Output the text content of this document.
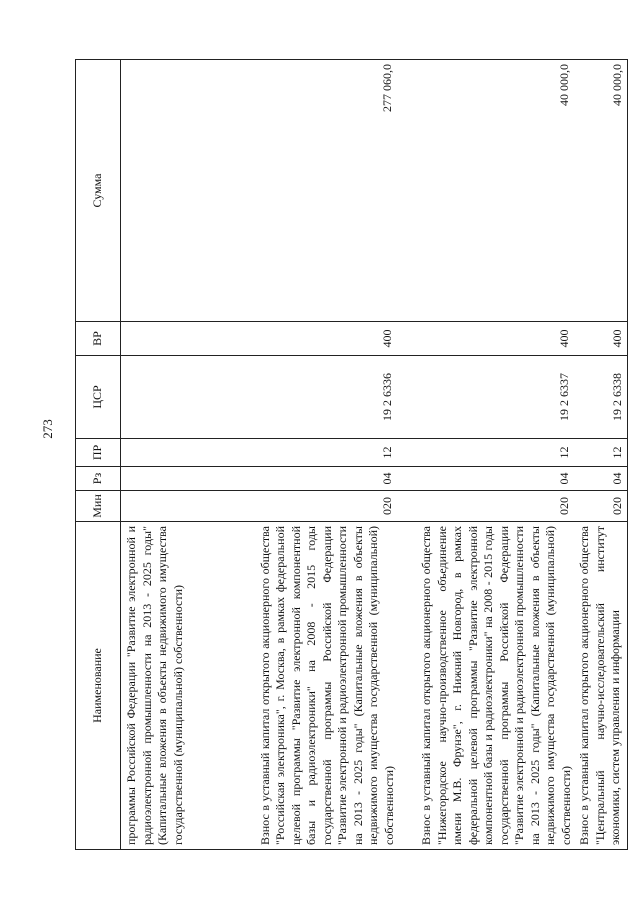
273
Наименование	Мин	Рз	ПР	ЦСР	ВР	Сумма
программы Российской Федерации "Развитие электронной и радиоэлектронной промышленности на 2013 - 2025 годы" (Капитальные вложения в объекты недвижимого имущества государственной (муниципальной) собственности)						
Взнос в уставный капитал открытого акционерного общества "Российская электроника", г. Москва, в рамках федеральной целевой программы "Развитие электронной компонентной базы и радиоэлектроники" на 2008 - 2015 годы государственной программы Российской Федерации "Развитие электронной и радиоэлектронной промышленности на 2013 - 2025 годы" (Капитальные вложения в объекты недвижимого имущества государственной (муниципальной) собственности)	020	04	12	19 2 6336	400	277 060,0
Взнос в уставный капитал открытого акционерного общества "Нижегородское научно-производственное объединение имени М.В. Фрунзе", г. Нижний Новгород, в рамках федеральной целевой программы "Развитие электронной компонентной базы и радиоэлектроники" на 2008 - 2015 годы государственной программы Российской Федерации "Развитие электронной и радиоэлектронной промышленности на 2013 - 2025 годы" (Капитальные вложения в объекты недвижимого имущества государственной (муниципальной) собственности)	020	04	12	19 2 6337	400	40 000,0
Взнос в уставный капитал открытого акционерного общества "Центральный научно-исследовательский институт экономики, систем управления и информации	020	04	12	19 2 6338	400	40 000,0
